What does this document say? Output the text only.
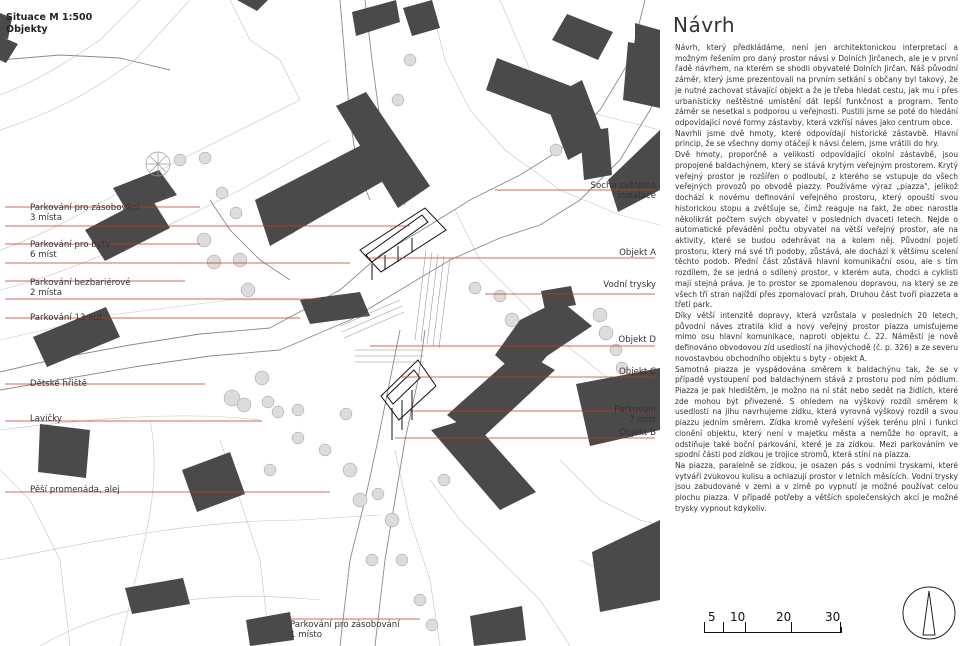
Situace M 1:500
Objekty
Parkování pro zásobování
3 místa
Parkování pro byty
6 míst
Parkování bezbariérové
2 místa
Parkování 13 aut
Dětské hřiště
Lavičky
Pěší promenáda, alej
Parkování pro zásobování
1 místo
Socha světelná
instalace
Objekt A
Vodní trysky
Objekt D
Objekt C
Parkování
7 míst
Objekt B
Návrh

Návrh, který předkládáme, není jen architektonickou interpretací a možným řešením pro daný prostor návsi v Dolních Jirčanech, ale je v první řadě návrhem, na kterém se shodli obyvatelé Dolních Jirčan. Náš původní záměr, který jsme prezentovali na prvním setkání s občany byl takový, že je nutné zachovat stávající objekt a že je třeba hledat cestu, jak mu i přes urbanisticky neštěstné umístění dát lepší funkčnost a program. Tento záměr se nesetkal s podporou u veřejnosti. Pustili jsme se poté do hledání odpovídající nové formy zástavby, která vzkřísí náves jako centrum obce.

Navrhli jsme dvě hmoty, které odpovídají historické zástavbě. Hlavní princip, že se všechny domy otáčejí k návsi čelem, jsme vrátili do hry.

Dvě hmoty, proporčně a velikostí odpovídající okolní zástavbě, jsou propojené baldachýnem, který se stává krytým veřejným prostorem. Krytý veřejný prostor je rozšířen o podloubí, z kterého se vstupuje do všech veřejných provozů po obvodě piazzy. Používáme výraz „piazza", jelikož dochází k novému definování veřejného prostoru, který opouští svou historickou stopu a zvětšuje se, čímž reaguje na fakt, že obec narostla několikrát počtem svých obyvatel v posledních dvaceti letech. Nejde o automatické převádění počtu obyvatel na větší veřejný prostor, ale na aktivity, které se budou odehrávat na a kolem něj. Původní pojetí prostoru, který má své tři podoby, zůstává, ale dochází k většímu scelení těchto podob. Přední část zůstává hlavní komunikační osou, ale s tím rozdílem, že se jedná o sdílený prostor, v kterém auta, chodci a cyklisti mají stejná práva. Je to prostor se zpomalenou dopravou, na který se ze všech tří stran najíždí přes zpomalovací prah. Druhou část tvoří piazzeta a třetí park.

Díky větší intenzitě dopravy, která vzrůstala v posledních 20 letech, původní náves ztratila klid a nový veřejný prostor piazza umisťujeme mimo osu hlavní komunikace, naproti objektu č. 22. Náměstí je nově definováno obvodovou zíd usedlostí na jihovýchodě (č. p. 326) a ze severu novostavbou obchodního objektu s byty - objekt A.

Samotná piazza je vyspádována směrem k baldachýnu tak, že se v případě vystoupení pod baldachýnem stává z prostoru pod ním pódium. Piazza je pak hledištěm, je možno na ní stát nebo sedět na židlích, které zde mohou být přivezené. S ohledem na výškový rozdíl směrem k usedlosti na jihu navrhujeme zídku, která vyrovná výškový rozdíl a svou piazzu jedním směrem. Zídka kromě vyřešení výšek terénu plní i funkci clonění objektu, který není v majetku města a nemůže ho opravit, a odstiňuje také boční parkování, které je za zídkou. Mezi parkováním ve spodní části pod zídkou je trojice stromů, která stíní na piazza.

Na piazza, paralelně se zídkou, je osazen pás s vodními tryskami, které vytváří zvukovou kulisu a ochlazují prostor v letních měsících. Vodní trysky jsou zabudované v zemi a v zimě po vypnutí je možné používat celou plochu piazza. V případě potřeby a větších společenských akcí je možné trysky vypnout kdykoliv.

5 10	20	30
